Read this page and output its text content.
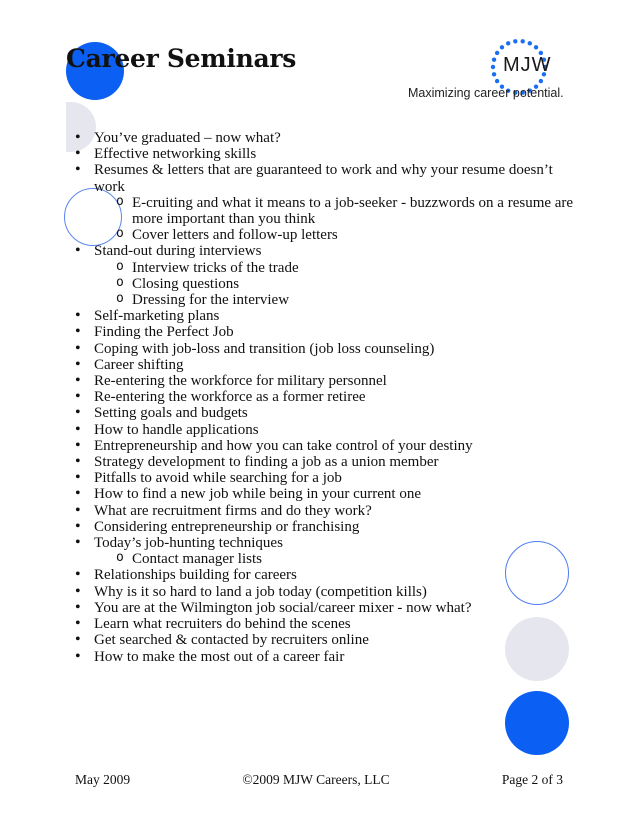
Career Seminars	MJW
Maximizing career potential.
• You’ve graduated – now what?
• Effective networking skills
• Resumes & letters that are guaranteed to work and why your resume doesn’t work
o E-cruiting and what it means to a job-seeker - buzzwords on a resume are more important than you think
o Cover letters and follow-up letters
• Stand-out during interviews
o Interview tricks of the trade
o Closing questions
o Dressing for the interview
• Self-marketing plans
• Finding the Perfect Job
• Coping with job-loss and transition (job loss counseling)
• Career shifting
• Re-entering the workforce for military personnel
• Re-entering the workforce as a former retiree
• Setting goals and budgets
• How to handle applications
• Entrepreneurship and how you can take control of your destiny
• Strategy development to finding a job as a union member
• Pitfalls to avoid while searching for a job
• How to find a new job while being in your current one
• What are recruitment firms and do they work?
• Considering entrepreneurship or franchising
• Today’s job-hunting techniques
o Contact manager lists
• Relationships building for careers
• Why is it so hard to land a job today (competition kills)
• You are at the Wilmington job social/career mixer - now what?
• Learn what recruiters do behind the scenes
• Get searched & contacted by recruiters online
• How to make the most out of a career fair
May 2009	©2009 MJW Careers, LLC	Page 2 of 3
